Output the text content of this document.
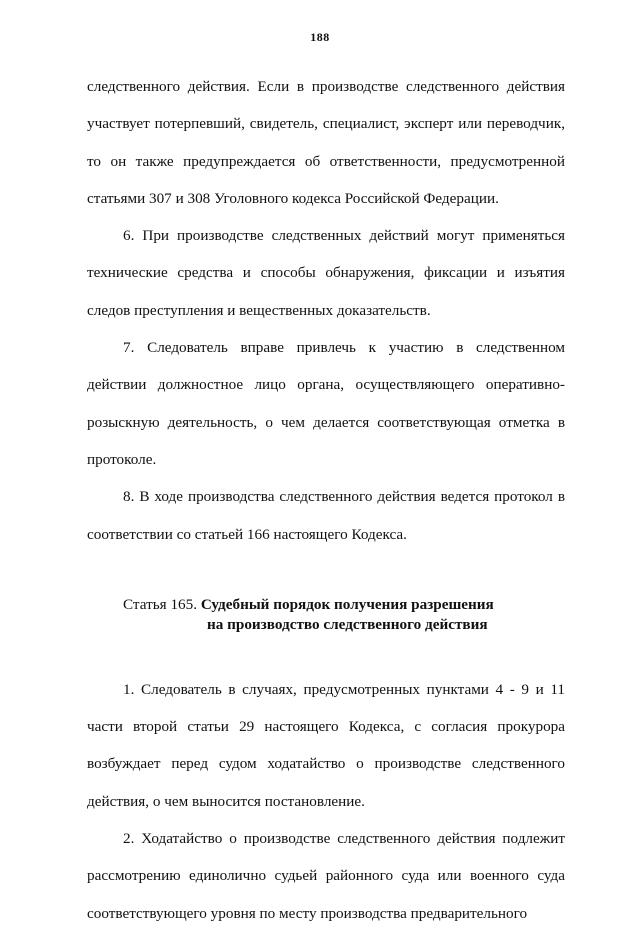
188

следственного действия. Если в производстве следственного действия участвует потерпевший, свидетель, специалист, эксперт или переводчик, то он также предупреждается об ответственности, предусмотренной статьями 307 и 308 Уголовного кодекса Российской Федерации.

6. При производстве следственных действий могут применяться технические средства и способы обнаружения, фиксации и изъятия следов преступления и вещественных доказательств.

7. Следователь вправе привлечь к участию в следственном действии должностное лицо органа, осуществляющего оперативно-розыскную деятельность, о чем делается соответствующая отметка в протоколе.

8. В ходе производства следственного действия ведется протокол в соответствии со статьей 166 настоящего Кодекса.

Статья 165. Судебный порядок получения разрешения
на производство следственного действия

1. Следователь в случаях, предусмотренных пунктами 4 - 9 и 11 части второй статьи 29 настоящего Кодекса, с согласия прокурора возбуждает перед судом ходатайство о производстве следственного действия, о чем выносится постановление.

2. Ходатайство о производстве следственного действия подлежит рассмотрению единолично судьей районного суда или военного суда соответствующего уровня по месту производства предварительного
